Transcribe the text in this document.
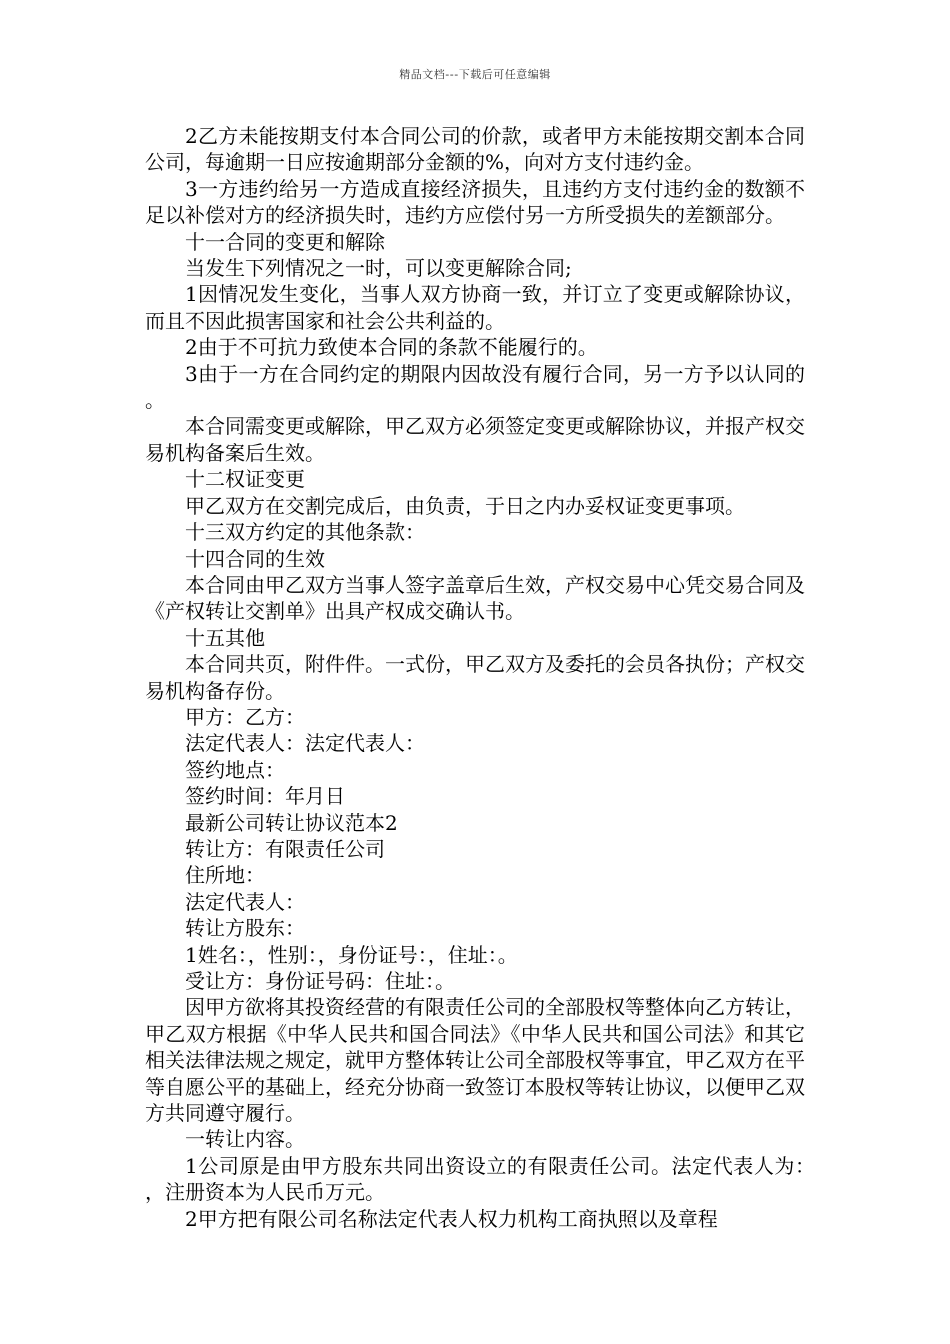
精品文档---下载后可任意编辑

2乙方未能按期支付本合同公司的价款，或者甲方未能按期交割本合同公司，每逾期一日应按逾期部分金额的%，向对方支付违约金。

3一方违约给另一方造成直接经济损失，且违约方支付违约金的数额不足以补偿对方的经济损失时，违约方应偿付另一方所受损失的差额部分。

十一合同的变更和解除

当发生下列情况之一时，可以变更解除合同;

1因情况发生变化，当事人双方协商一致，并订立了变更或解除协议，而且不因此损害国家和社会公共利益的。

2由于不可抗力致使本合同的条款不能履行的。

3由于一方在合同约定的期限内因故没有履行合同，另一方予以认同的。

本合同需变更或解除，甲乙双方必须签定变更或解除协议，并报产权交易机构备案后生效。

十二权证变更

甲乙双方在交割完成后，由负责，于日之内办妥权证变更事项。

十三双方约定的其他条款：

十四合同的生效

本合同由甲乙双方当事人签字盖章后生效，产权交易中心凭交易合同及《产权转让交割单》出具产权成交确认书。

十五其他

本合同共页，附件件。一式份，甲乙双方及委托的会员各执份；产权交易机构备存份。

甲方：乙方：

法定代表人：法定代表人：

签约地点：

签约时间：年月日

最新公司转让协议范本2

转让方：有限责任公司

住所地：

法定代表人：

转让方股东：

1姓名：，性别：，身份证号：，住址：。

受让方：身份证号码：住址：。

因甲方欲将其投资经营的有限责任公司的全部股权等整体向乙方转让，甲乙双方根据《中华人民共和国合同法》《中华人民共和国公司法》和其它相关法律法规之规定，就甲方整体转让公司全部股权等事宜，甲乙双方在平等自愿公平的基础上，经充分协商一致签订本股权等转让协议，以便甲乙双方共同遵守履行。

一转让内容。

1公司原是由甲方股东共同出资设立的有限责任公司。法定代表人为：，注册资本为人民币万元。

2甲方把有限公司名称法定代表人权力机构工商执照以及章程
